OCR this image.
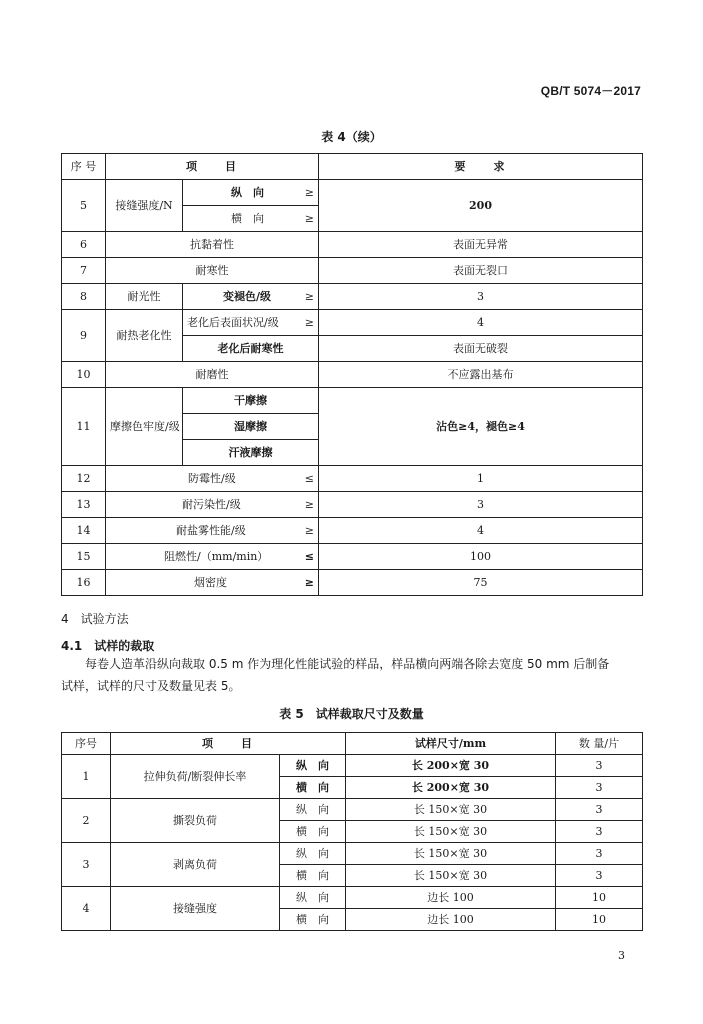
QB/T 5074－2017
表 4（续）
序 号	项　　目		要　　求
5	接缝强度/N	纵　向 ≥	200

		横　向 ≥	

6	抗黏着性		表面无异常
7	耐寒性		表面无裂口
8	耐光性	变褪色/级 ≥	3
9	耐热老化性	老化后表面状况/级 ≥	4
		老化后耐寒性	表面无破裂
10	耐磨性		不应露出基布
11	摩擦色牢度/级	干摩擦	沾色≥4，褪色≥4
		湿摩擦	
		汗液摩擦	
12	防霉性/级 ≤		1
13	耐污染性/级 ≥		3
14	耐盐雾性能/级 ≥		4
15	阻燃性/（mm/min） ≤		100
16	烟密度 ≥		75
4　试验方法
4.1　试样的裁取
每卷人造革沿纵向裁取 0.5 m 作为理化性能试验的样品，样品横向两端各除去宽度 50 mm 后制备
试样，试样的尺寸及数量见表 5。
表 5　试样裁取尺寸及数量
序号	项　　目		试样尺寸/mm	数 量/片
1	拉伸负荷/断裂伸长率	纵　向	长 200×宽 30	3
		横　向	长 200×宽 30	3
2	撕裂负荷	纵　向	长 150×宽 30	3
		横　向	长 150×宽 30	3
3	剥离负荷	纵　向	长 150×宽 30	3
		横　向	长 150×宽 30	3
4	接缝强度	纵　向	边长 100	10
		横　向	边长 100	10
3
